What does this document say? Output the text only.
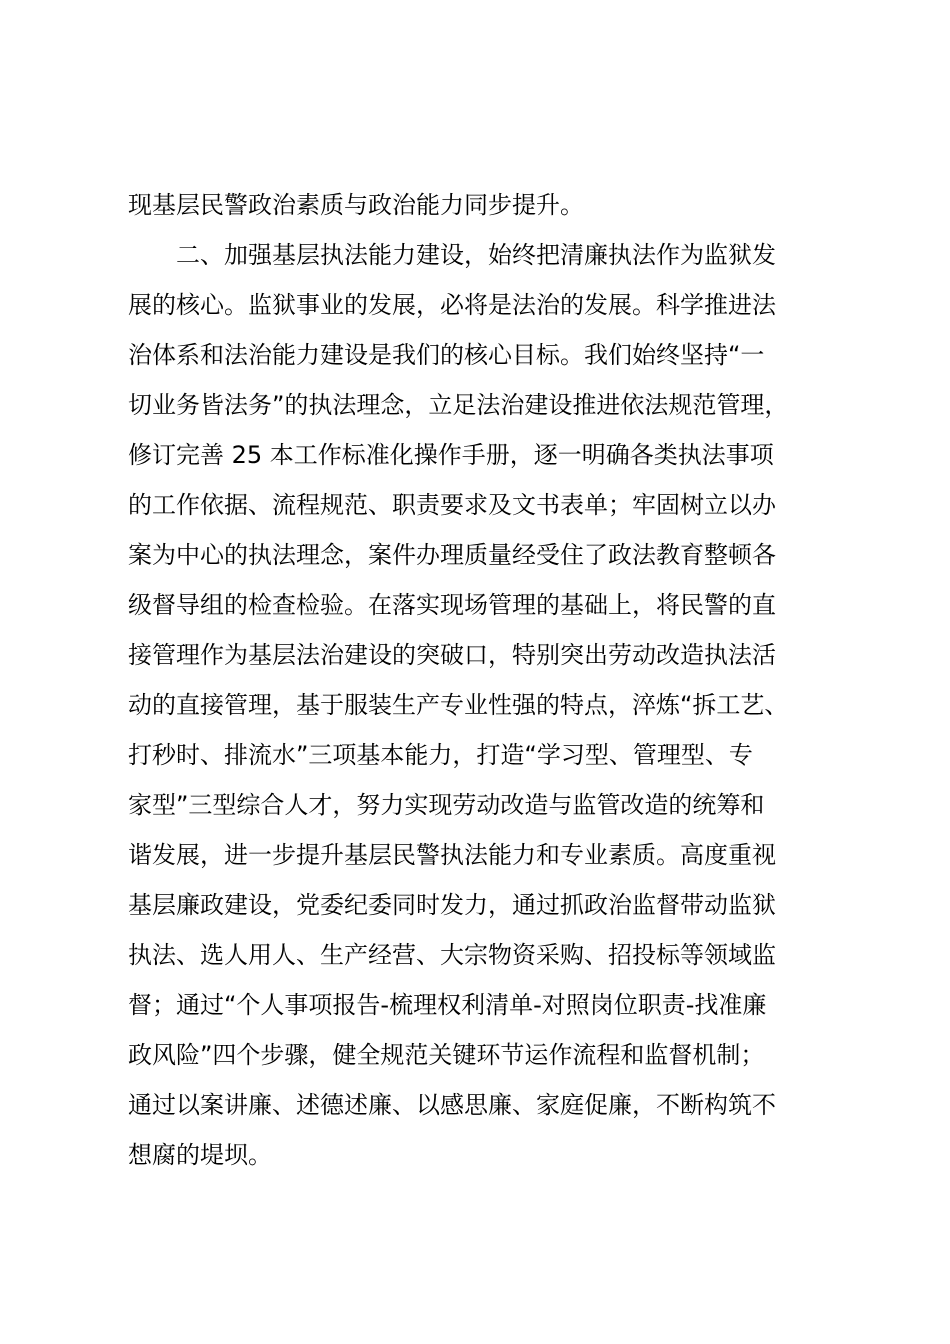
现基层民警政治素质与政治能力同步提升。
二、加强基层执法能力建设，始终把清廉执法作为监狱发
展的核心。监狱事业的发展，必将是法治的发展。科学推进法
治体系和法治能力建设是我们的核心目标。我们始终坚持“一
切业务皆法务”的执法理念，立足法治建设推进依法规范管理，
修订完善 25 本工作标准化操作手册，逐一明确各类执法事项
的工作依据、流程规范、职责要求及文书表单；牢固树立以办
案为中心的执法理念，案件办理质量经受住了政法教育整顿各
级督导组的检查检验。在落实现场管理的基础上，将民警的直
接管理作为基层法治建设的突破口，特别突出劳动改造执法活
动的直接管理，基于服装生产专业性强的特点，淬炼“拆工艺、
打秒时、排流水”三项基本能力，打造“学习型、管理型、专
家型”三型综合人才，努力实现劳动改造与监管改造的统筹和
谐发展，进一步提升基层民警执法能力和专业素质。高度重视
基层廉政建设，党委纪委同时发力，通过抓政治监督带动监狱
执法、选人用人、生产经营、大宗物资采购、招投标等领域监
督；通过“个人事项报告-梳理权利清单-对照岗位职责-找准廉
政风险”四个步骤，健全规范关键环节运作流程和监督机制；
通过以案讲廉、述德述廉、以感思廉、家庭促廉，不断构筑不
想腐的堤坝。
